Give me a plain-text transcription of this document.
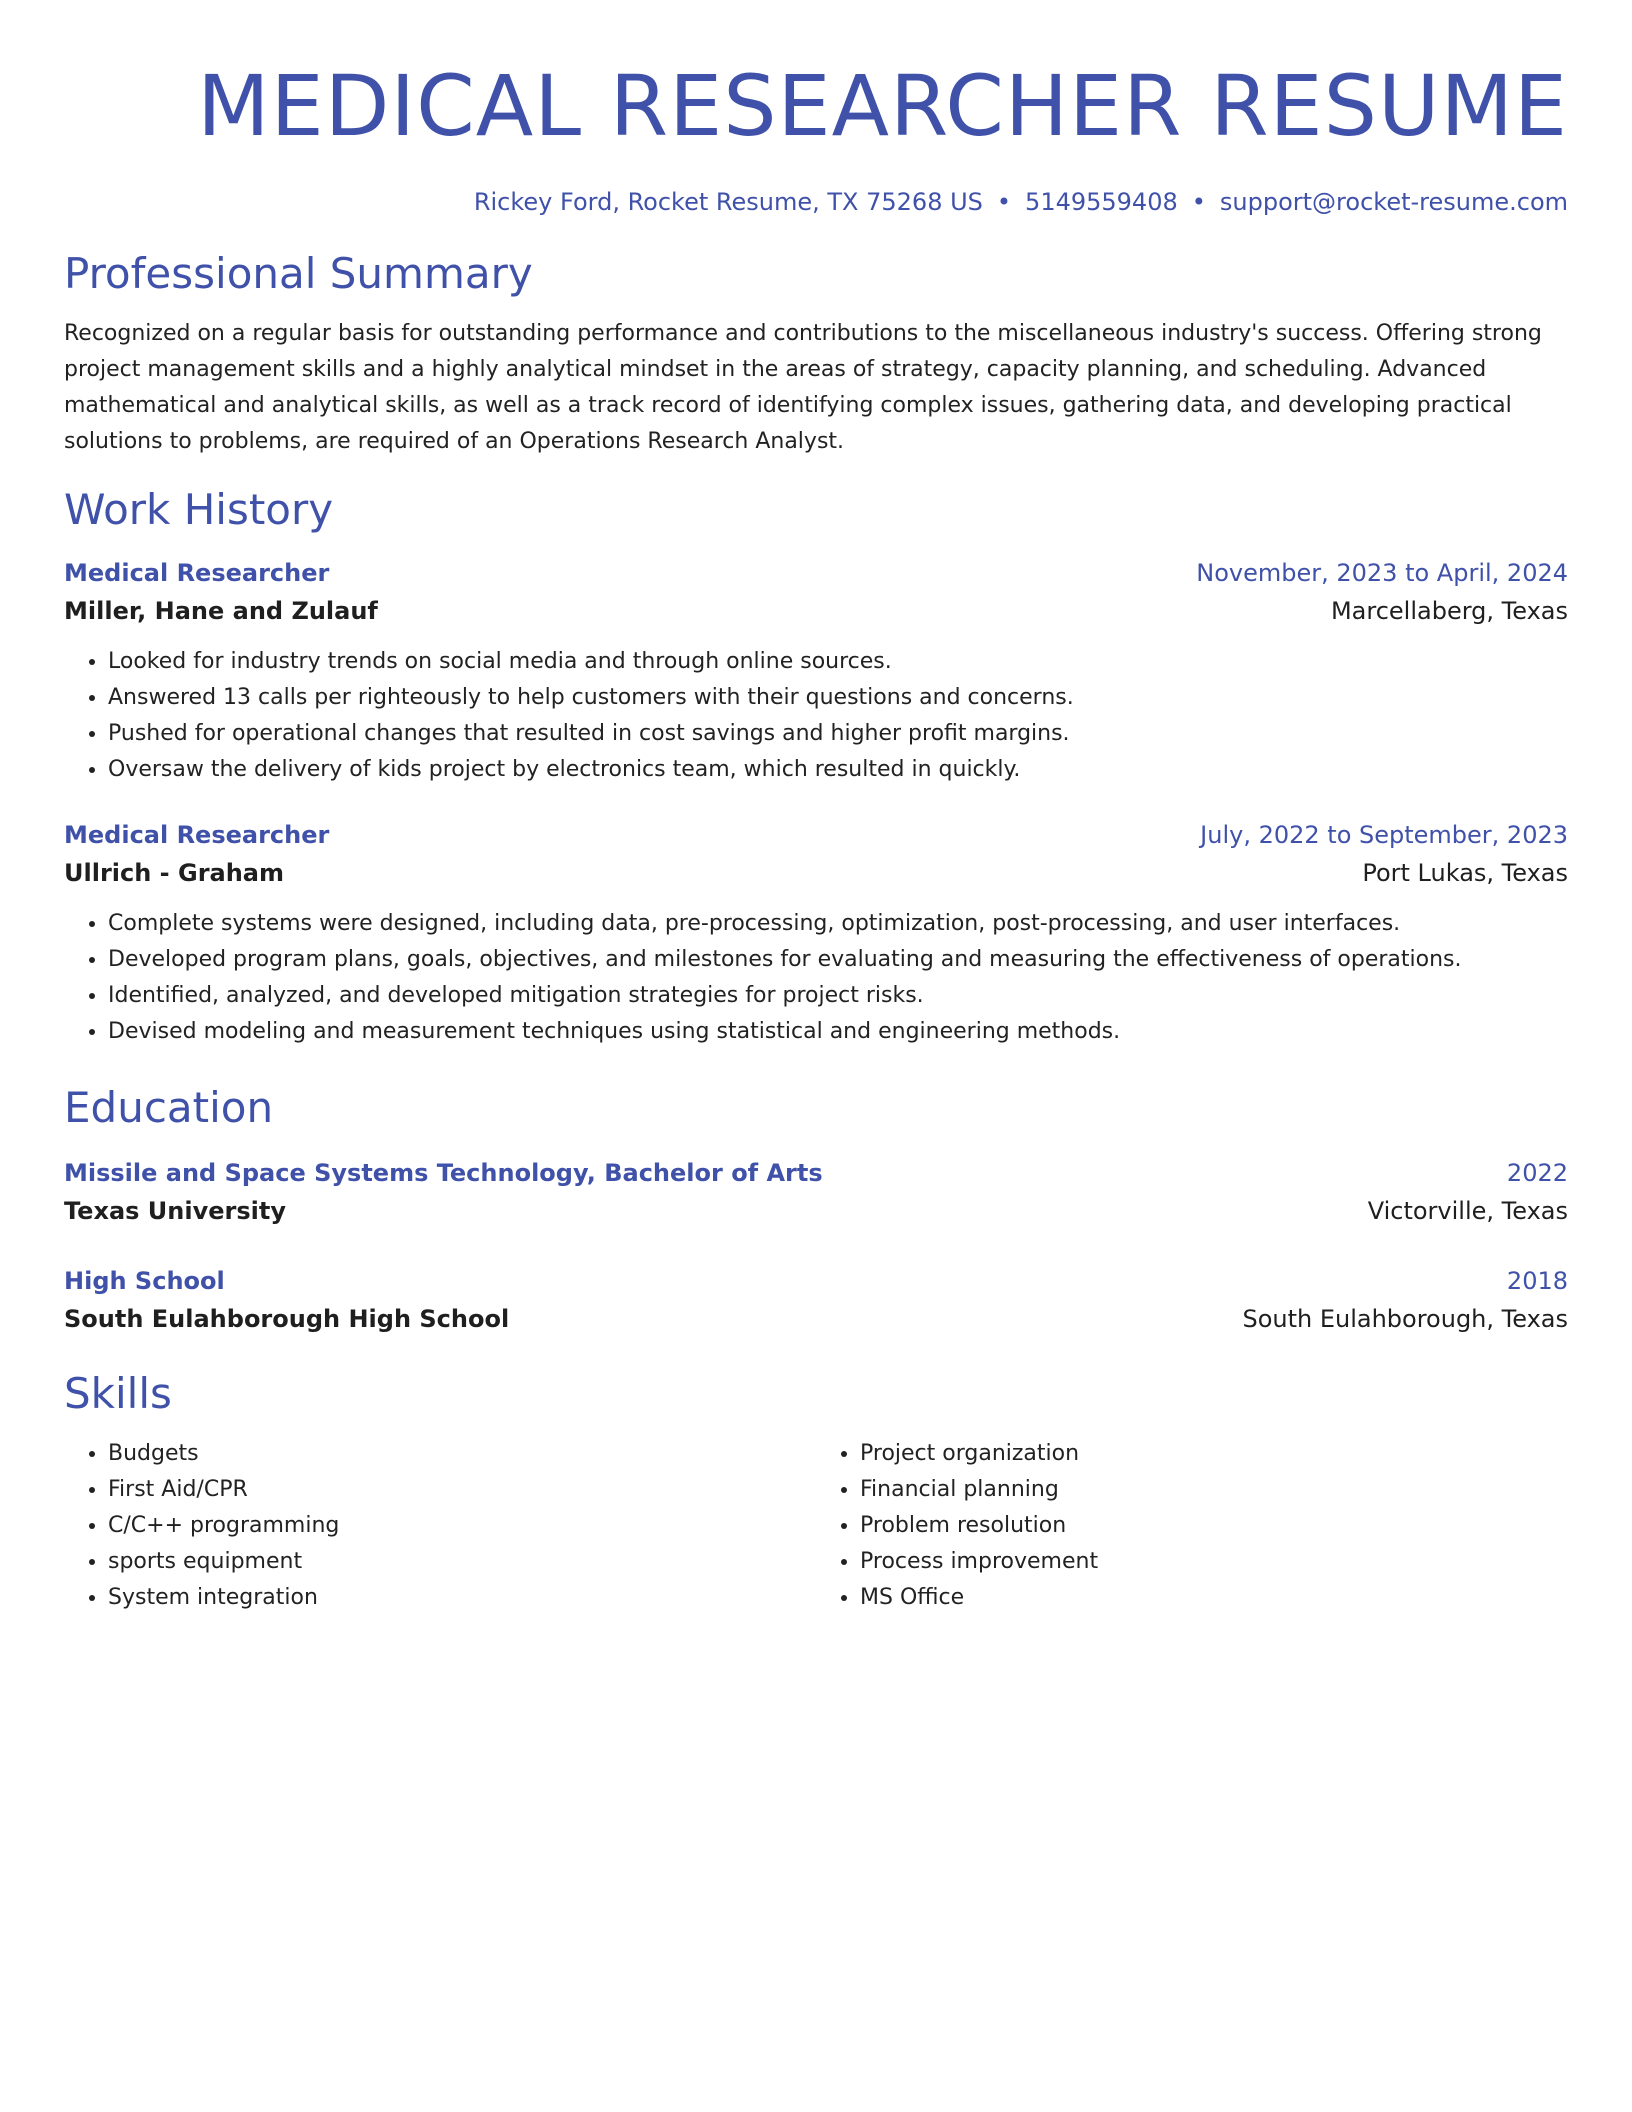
MEDICAL RESEARCHER RESUME
Rickey Ford, Rocket Resume, TX 75268 US • 5149559408 • support@rocket-resume.com
Professional Summary

Recognized on a regular basis for outstanding performance and contributions to the miscellaneous industry's success. Offering strong project management skills and a highly analytical mindset in the areas of strategy, capacity planning, and scheduling. Advanced mathematical and analytical skills, as well as a track record of identifying complex issues, gathering data, and developing practical solutions to problems, are required of an Operations Research Analyst.

Work History
Medical Researcher	November, 2023 to April, 2024
Miller, Hane and Zulauf	Marcellaberg, Texas
• Looked for industry trends on social media and through online sources.
• Answered 13 calls per righteously to help customers with their questions and concerns.
• Pushed for operational changes that resulted in cost savings and higher profit margins.
• Oversaw the delivery of kids project by electronics team, which resulted in quickly.
Medical Researcher	July, 2022 to September, 2023
Ullrich - Graham	Port Lukas, Texas
• Complete systems were designed, including data, pre-processing, optimization, post-processing, and user interfaces.
• Developed program plans, goals, objectives, and milestones for evaluating and measuring the effectiveness of operations.
• Identified, analyzed, and developed mitigation strategies for project risks.
• Devised modeling and measurement techniques using statistical and engineering methods.
Education
Missile and Space Systems Technology, Bachelor of Arts	2022
Texas University	Victorville, Texas
High School	2018
South Eulahborough High School	South Eulahborough, Texas
Skills
• Budgets
• First Aid/CPR
• C/C++ programming
• sports equipment
• System integration
• Project organization
• Financial planning
• Problem resolution
• Process improvement
• MS Office
